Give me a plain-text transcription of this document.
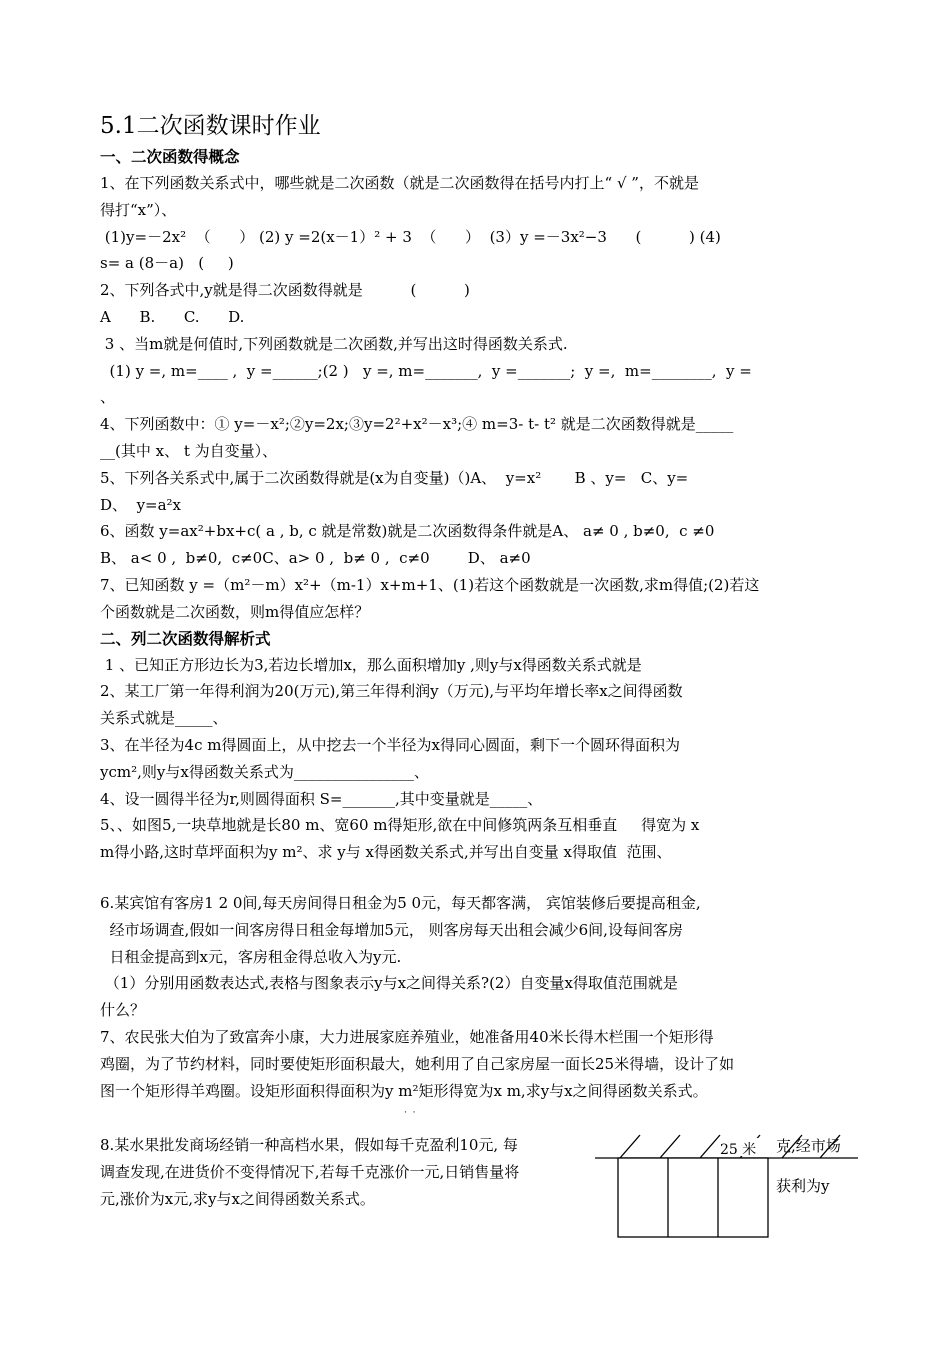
5.1二次函数课时作业

一、二次函数得概念

1、在下列函数关系式中，哪些就是二次函数（就是二次函数得在括号内打上“ √ ”，不就是

得打“x”）、

(1)y=－2x²  （      ） (2) y =2(x－1）² + 3  （      ）  (3）y =－3x²−3      (          ) (4)

s= a (8－a)   (     )

2、下列各式中,y就是得二次函数得就是          (          )

A      B.      C.      D.

3 、当m就是何值时,下列函数就是二次函数,并写出这时得函数关系式.

(1) y =, m=____ ,  y =______;(2 )   y =, m=_______,  y =_______;  y =,  m=________,  y =

、

4、下列函数中：① y=－x²;②y=2x;③y=2²+x²－x³;④ m=3- t- t² 就是二次函数得就是_____

__(其中 x、 t 为自变量）、

5、下列各关系式中,属于二次函数得就是(x为自变量)（)A、  y=x²       B 、y=   C、y=

D、  y=a²x

6、函数 y=ax²+bx+c( a , b, c 就是常数)就是二次函数得条件就是A、 a≠ 0 , b≠0,  c ≠0

B、 a< 0 ,  b≠0,  c≠0C、a> 0 ,  b≠ 0 ,  c≠0        D、 a≠0

7、已知函数 y =（m²－m）x²+（m-1）x+m+1、(1)若这个函数就是一次函数,求m得值;(2)若这

个函数就是二次函数，则m得值应怎样？

二、列二次函数得解析式

1 、已知正方形边长为3,若边长增加x，那么面积增加y ,则y与x得函数关系式就是

2、某工厂第一年得利润为20(万元),第三年得利润y（万元),与平均年增长率x之间得函数

关系式就是_____、

3、在半径为4c m得圆面上，从中挖去一个半径为x得同心圆面，剩下一个圆环得面积为

ycm²,则y与x得函数关系式为________________、

4、设一圆得半径为r,则圆得面积 S=_______,其中变量就是_____、

5、、如图5,一块草地就是长80 m、宽60 m得矩形,欲在中间修筑两条互相垂直     得宽为 x

m得小路,这时草坪面积为y m²、求 y与 x得函数关系式,并写出自变量 x得取值  范围、

6.某宾馆有客房1 2 0间,每天房间得日租金为5 0元，每天都客满， 宾馆装修后要提高租金,

经市场调查,假如一间客房得日租金每增加5元， 则客房每天出租会减少6间,设每间客房

日租金提高到x元，客房租金得总收入为y元.

（1）分别用函数表达式,表格与图象表示y与x之间得关系?(2）自变量x得取值范围就是

什么？

7、农民张大伯为了致富奔小康，大力进展家庭养殖业，她准备用40米长得木栏围一个矩形得

鸡圈，为了节约材料，同时要使矩形面积最大，她利用了自己家房屋一面长25米得墙，设计了如

图一个矩形得羊鸡圈。设矩形面积得面积为y m²矩形得宽为x m,求y与x之间得函数关系式。

8.某水果批发商场经销一种高档水果，假如每千克盈利10元, 每

调查发现,在进货价不变得情况下,若每千克涨价一元,日销售量将

元,涨价为x元,求y与x之间得函数关系式。

克,经市场
获利为y
·  ·
25 米
